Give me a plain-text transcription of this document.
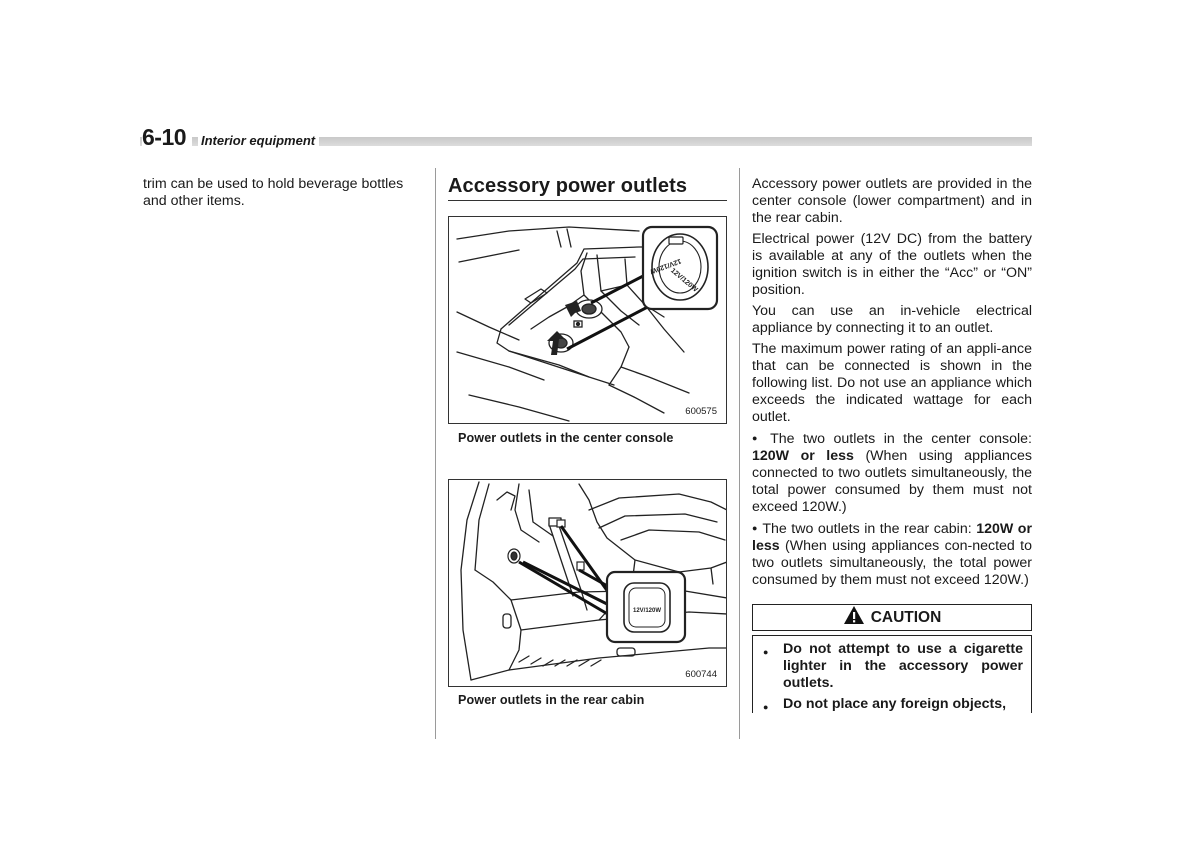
6-10	Interior equipment
trim can be used to hold beverage bottles and other items.
Accessory power outlets
12V/120W
12V/120W
600575
Power outlets in the center console
12V/120W
600744
Power outlets in the rear cabin

Accessory power outlets are provided in the center console (lower compartment) and in the rear cabin.

Electrical power (12V DC) from the battery is available at any of the outlets when the ignition switch is in either the “Acc” or “ON” position.

You can use an in-vehicle electrical appliance by connecting it to an outlet.

The maximum power rating of an appli-ance that can be connected is shown in the following list. Do not use an appliance which exceeds the indicated wattage for each outlet.

● The two outlets in the center console: 120W or less (When using appliances connected to two outlets simultaneously, the total power consumed by them must not exceed 120W.)

● The two outlets in the rear cabin: 120W or less (When using appliances con-nected to two outlets simultaneously, the total power consumed by them must not exceed 120W.)

CAUTION
● Do not attempt to use a cigarette lighter in the accessory power outlets.
● Do not place any foreign objects,
